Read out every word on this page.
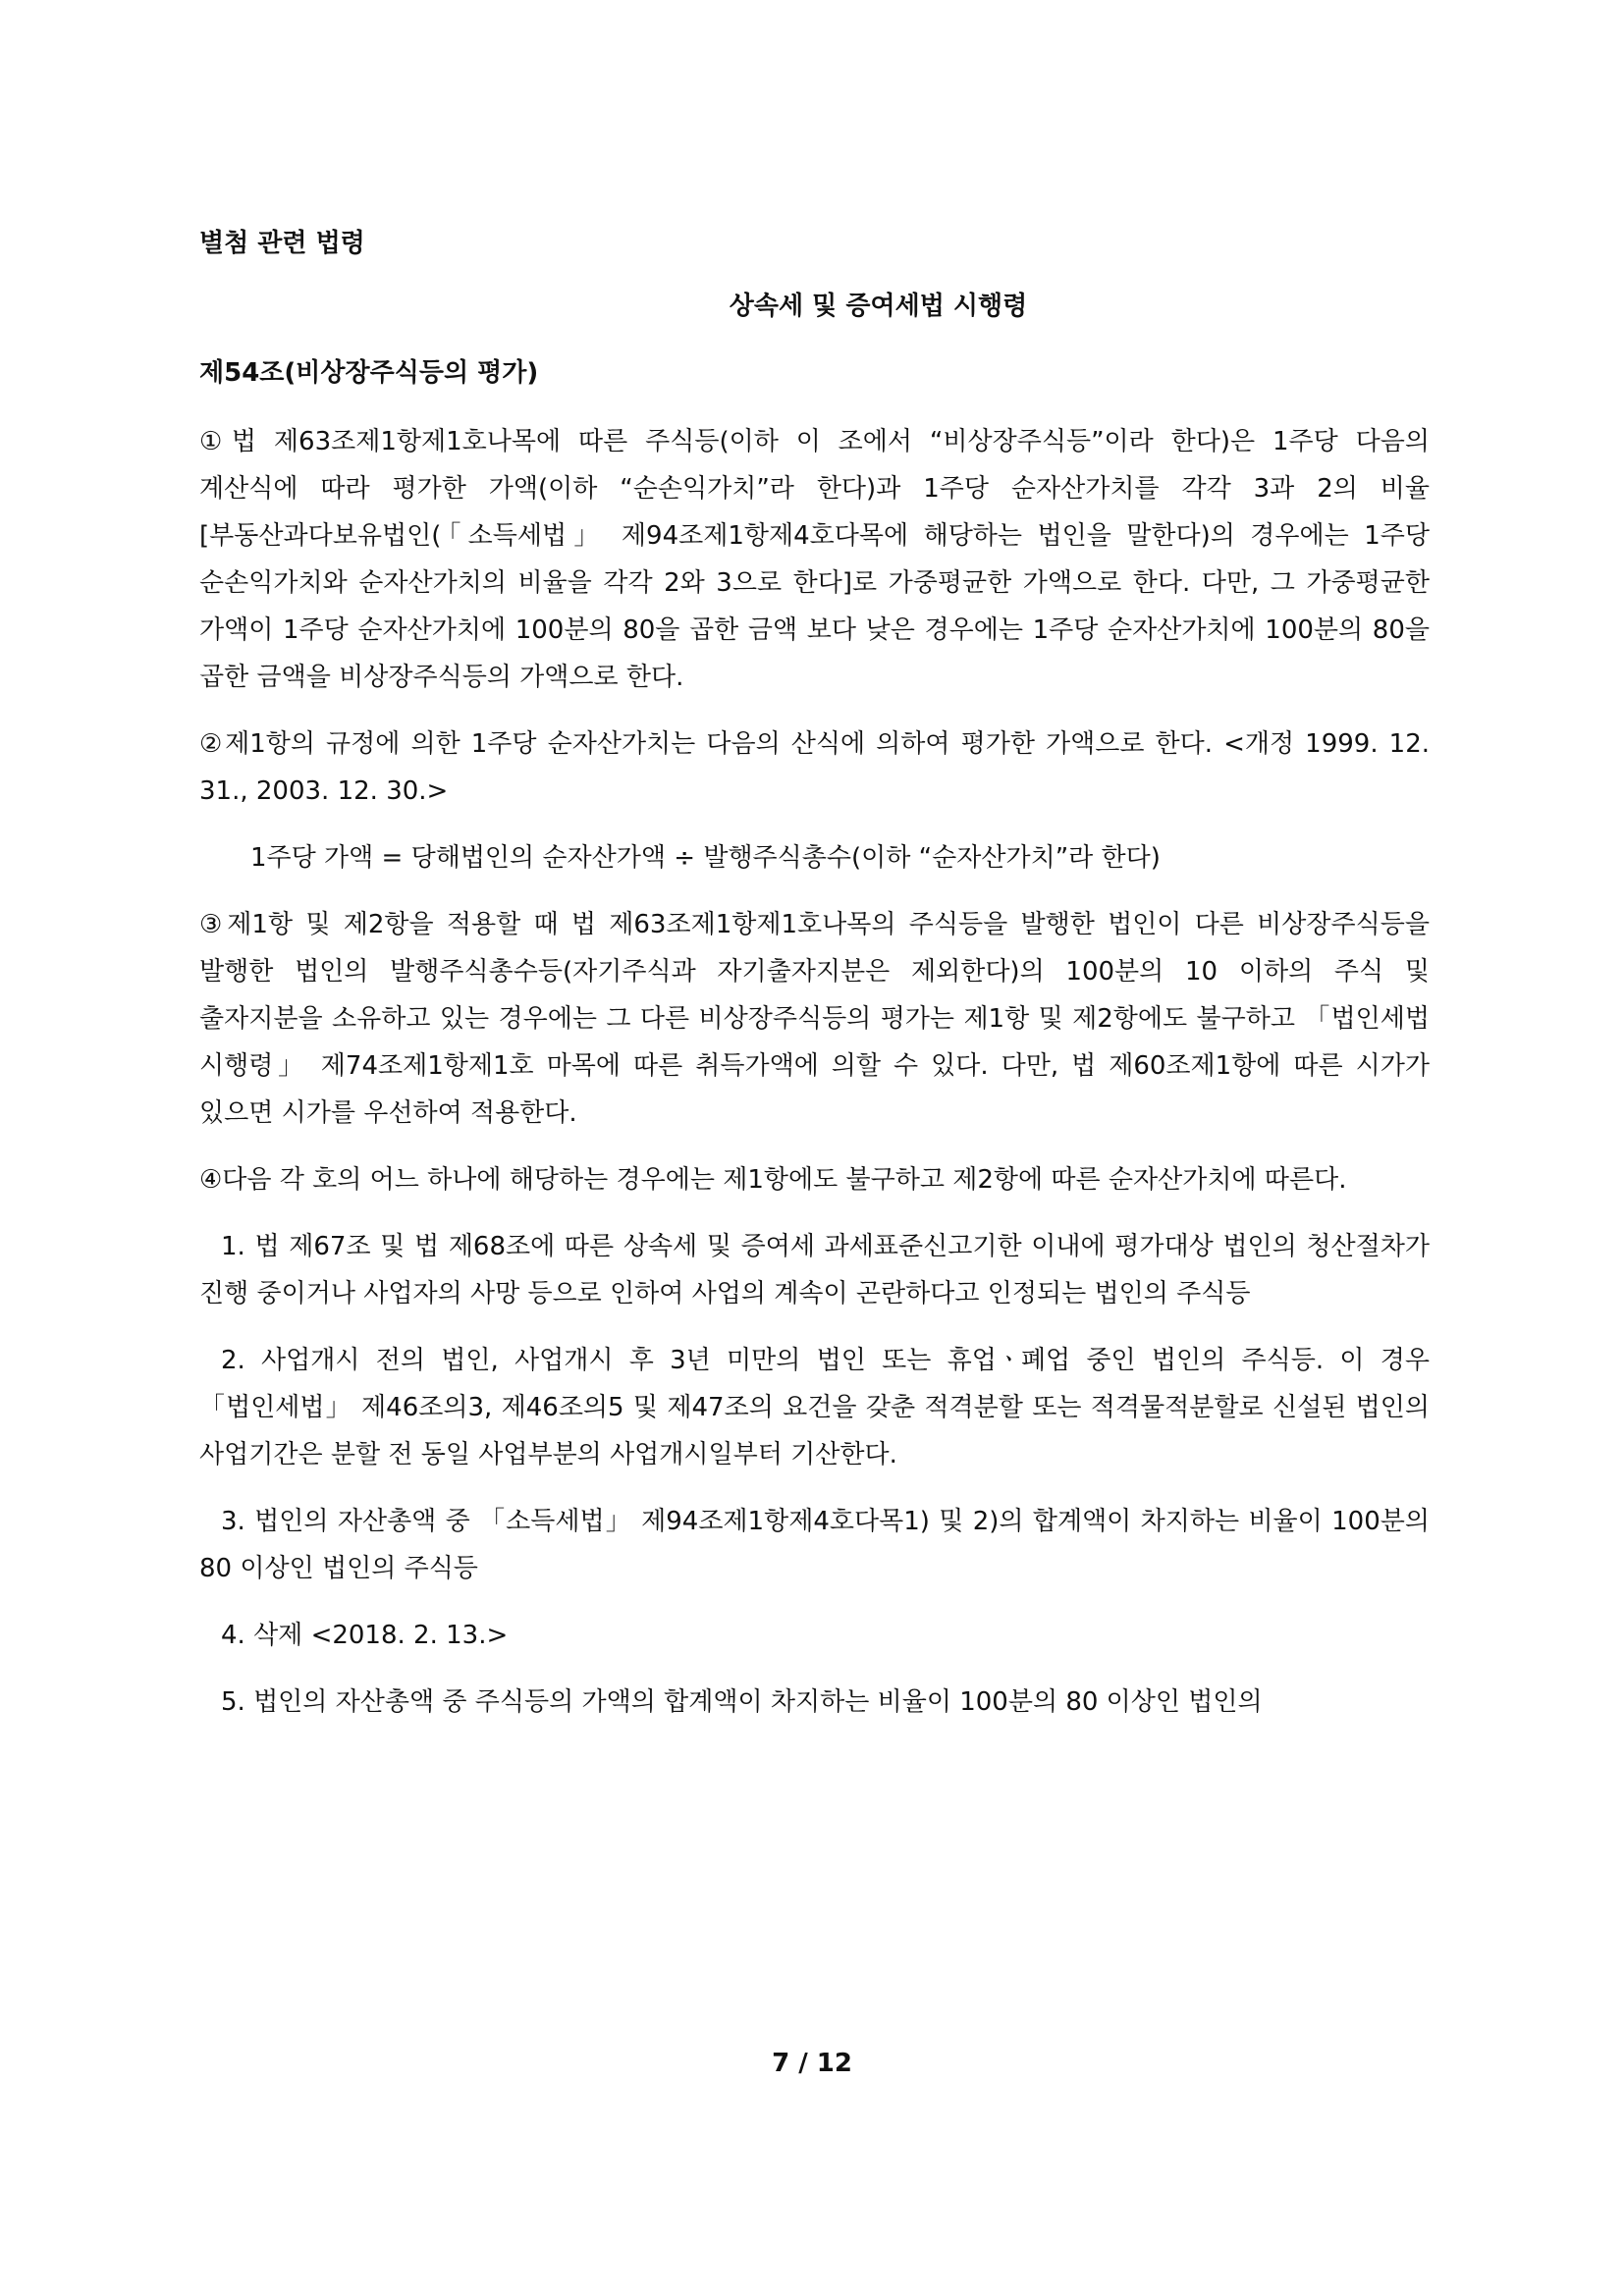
별첨 관련 법령
상속세 및 증여세법 시행령
제54조(비상장주식등의 평가)

①법 제63조제1항제1호나목에 따른 주식등(이하 이 조에서 “비상장주식등”이라 한다)은 1주당 다음의 계산식에 따라 평가한 가액(이하 “순손익가치”라 한다)과 1주당 순자산가치를 각각 3과 2의 비율[부동산과다보유법인(「소득세법」 제94조제1항제4호다목에 해당하는 법인을 말한다)의 경우에는 1주당 순손익가치와 순자산가치의 비율을 각각 2와 3으로 한다]로 가중평균한 가액으로 한다. 다만, 그 가중평균한 가액이 1주당 순자산가치에 100분의 80을 곱한 금액 보다 낮은 경우에는 1주당 순자산가치에 100분의 80을 곱한 금액을 비상장주식등의 가액으로 한다.

②제1항의 규정에 의한 1주당 순자산가치는 다음의 산식에 의하여 평가한 가액으로 한다. <개정 1999. 12. 31., 2003. 12. 30.>

1주당 가액 = 당해법인의 순자산가액 ÷ 발행주식총수(이하 “순자산가치”라 한다)

③제1항 및 제2항을 적용할 때 법 제63조제1항제1호나목의 주식등을 발행한 법인이 다른 비상장주식등을 발행한 법인의 발행주식총수등(자기주식과 자기출자지분은 제외한다)의 100분의 10 이하의 주식 및 출자지분을 소유하고 있는 경우에는 그 다른 비상장주식등의 평가는 제1항 및 제2항에도 불구하고 「법인세법 시행령」 제74조제1항제1호 마목에 따른 취득가액에 의할 수 있다. 다만, 법 제60조제1항에 따른 시가가 있으면 시가를 우선하여 적용한다.

④다음 각 호의 어느 하나에 해당하는 경우에는 제1항에도 불구하고 제2항에 따른 순자산가치에 따른다.

1. 법 제67조 및 법 제68조에 따른 상속세 및 증여세 과세표준신고기한 이내에 평가대상 법인의 청산절차가 진행 중이거나 사업자의 사망 등으로 인하여 사업의 계속이 곤란하다고 인정되는 법인의 주식등

2. 사업개시 전의 법인, 사업개시 후 3년 미만의 법인 또는 휴업ㆍ폐업 중인 법인의 주식등. 이 경우 「법인세법」 제46조의3, 제46조의5 및 제47조의 요건을 갖춘 적격분할 또는 적격물적분할로 신설된 법인의 사업기간은 분할 전 동일 사업부분의 사업개시일부터 기산한다.

3. 법인의 자산총액 중 「소득세법」 제94조제1항제4호다목1) 및 2)의 합계액이 차지하는 비율이 100분의 80 이상인 법인의 주식등

4. 삭제 <2018. 2. 13.>

5. 법인의 자산총액 중 주식등의 가액의 합계액이 차지하는 비율이 100분의 80 이상인 법인의

7 / 12
